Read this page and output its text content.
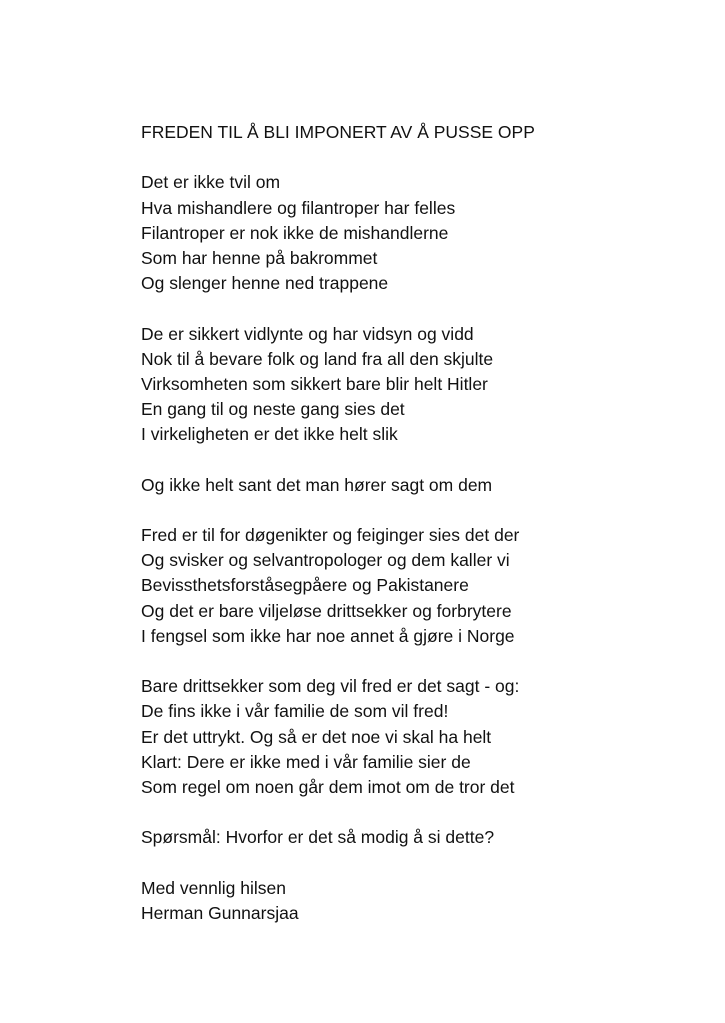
FREDEN TIL Å BLI IMPONERT AV Å PUSSE OPP
Det er ikke tvil om
Hva mishandlere og filantroper har felles
Filantroper er nok ikke de mishandlerne
Som har henne på bakrommet
Og slenger henne ned trappene
De er sikkert vidlynte og har vidsyn og vidd
Nok til å bevare folk og land fra all den skjulte
Virksomheten som sikkert bare blir helt Hitler
En gang til og neste gang sies det
I virkeligheten er det ikke helt slik
Og ikke helt sant det man hører sagt om dem
Fred er til for døgenikter og feiginger sies det der
Og svisker og selvantropologer og dem kaller vi
Bevissthetsforståsegpåere og Pakistanere
Og det er bare viljeløse drittsekker og forbrytere
I fengsel som ikke har noe annet å gjøre i Norge
Bare drittsekker som deg vil fred er det sagt - og:
De fins ikke i vår familie de som vil fred!
Er det uttrykt. Og så er det noe vi skal ha helt
Klart: Dere er ikke med i vår familie sier de
Som regel om noen går dem imot om de tror det
Spørsmål: Hvorfor er det så modig å si dette?
Med vennlig hilsen
Herman Gunnarsjaa
